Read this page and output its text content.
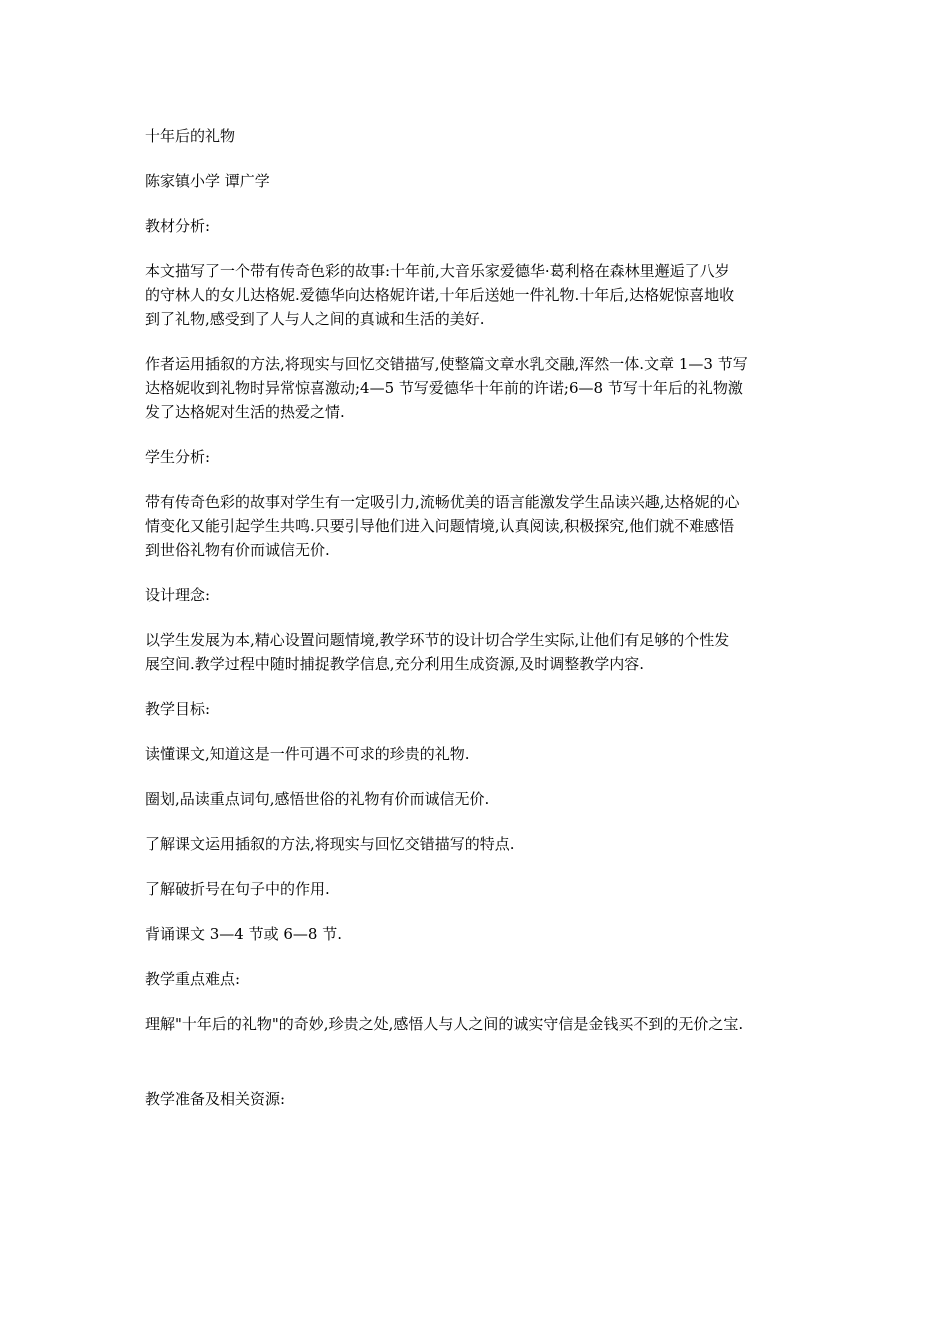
十年后的礼物

陈家镇小学 谭广学

教材分析:

本文描写了一个带有传奇色彩的故事:十年前,大音乐家爱德华·葛利格在森林里邂逅了八岁
的守林人的女儿达格妮.爱德华向达格妮许诺,十年后送她一件礼物.十年后,达格妮惊喜地收
到了礼物,感受到了人与人之间的真诚和生活的美好.

作者运用插叙的方法,将现实与回忆交错描写,使整篇文章水乳交融,浑然一体.文章 1—3 节写
达格妮收到礼物时异常惊喜激动;4—5 节写爱德华十年前的许诺;6—8 节写十年后的礼物激
发了达格妮对生活的热爱之情.

学生分析:

带有传奇色彩的故事对学生有一定吸引力,流畅优美的语言能激发学生品读兴趣,达格妮的心
情变化又能引起学生共鸣.只要引导他们进入问题情境,认真阅读,积极探究,他们就不难感悟
到世俗礼物有价而诚信无价.

设计理念:

以学生发展为本,精心设置问题情境,教学环节的设计切合学生实际,让他们有足够的个性发
展空间.教学过程中随时捕捉教学信息,充分利用生成资源,及时调整教学内容.

教学目标:

读懂课文,知道这是一件可遇不可求的珍贵的礼物.

圈划,品读重点词句,感悟世俗的礼物有价而诚信无价.

了解课文运用插叙的方法,将现实与回忆交错描写的特点.

了解破折号在句子中的作用.

背诵课文 3—4 节或 6—8 节.

教学重点难点:

理解"十年后的礼物"的奇妙,珍贵之处,感悟人与人之间的诚实守信是金钱买不到的无价之宝.

教学准备及相关资源:
